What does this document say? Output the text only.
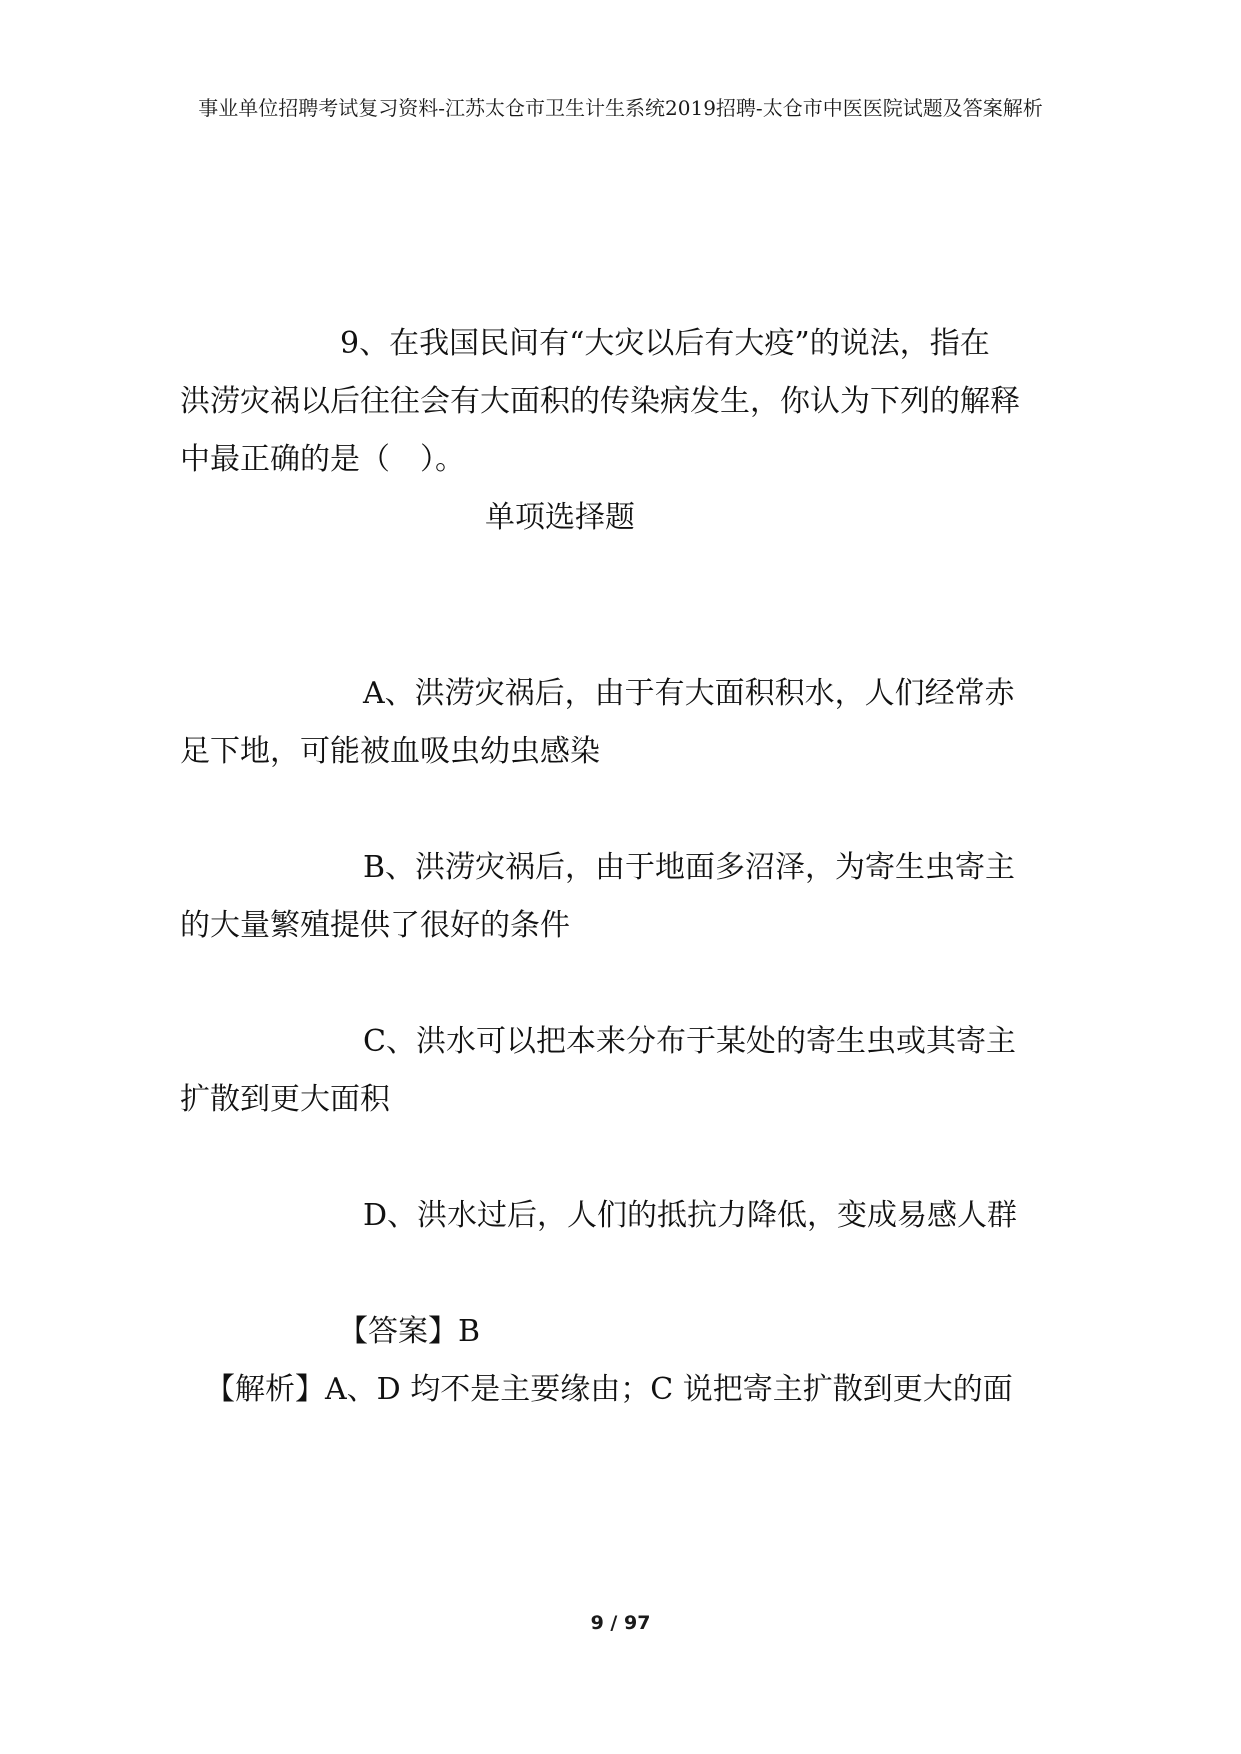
事业单位招聘考试复习资料-江苏太仓市卫生计生系统2019招聘-太仓市中医医院试题及答案解析
9、在我国民间有“大灾以后有大疫”的说法，指在
洪涝灾祸以后往往会有大面积的传染病发生，你认为下列的解释
中最正确的是（　）。
单项选择题
A、洪涝灾祸后，由于有大面积积水，人们经常赤
足下地，可能被血吸虫幼虫感染
B、洪涝灾祸后，由于地面多沼泽，为寄生虫寄主
的大量繁殖提供了很好的条件
C、洪水可以把本来分布于某处的寄生虫或其寄主
扩散到更大面积
D、洪水过后，人们的抵抗力降低，变成易感人群
【答案】B
【解析】A、D 均不是主要缘由；C 说把寄主扩散到更大的面
9 / 97
